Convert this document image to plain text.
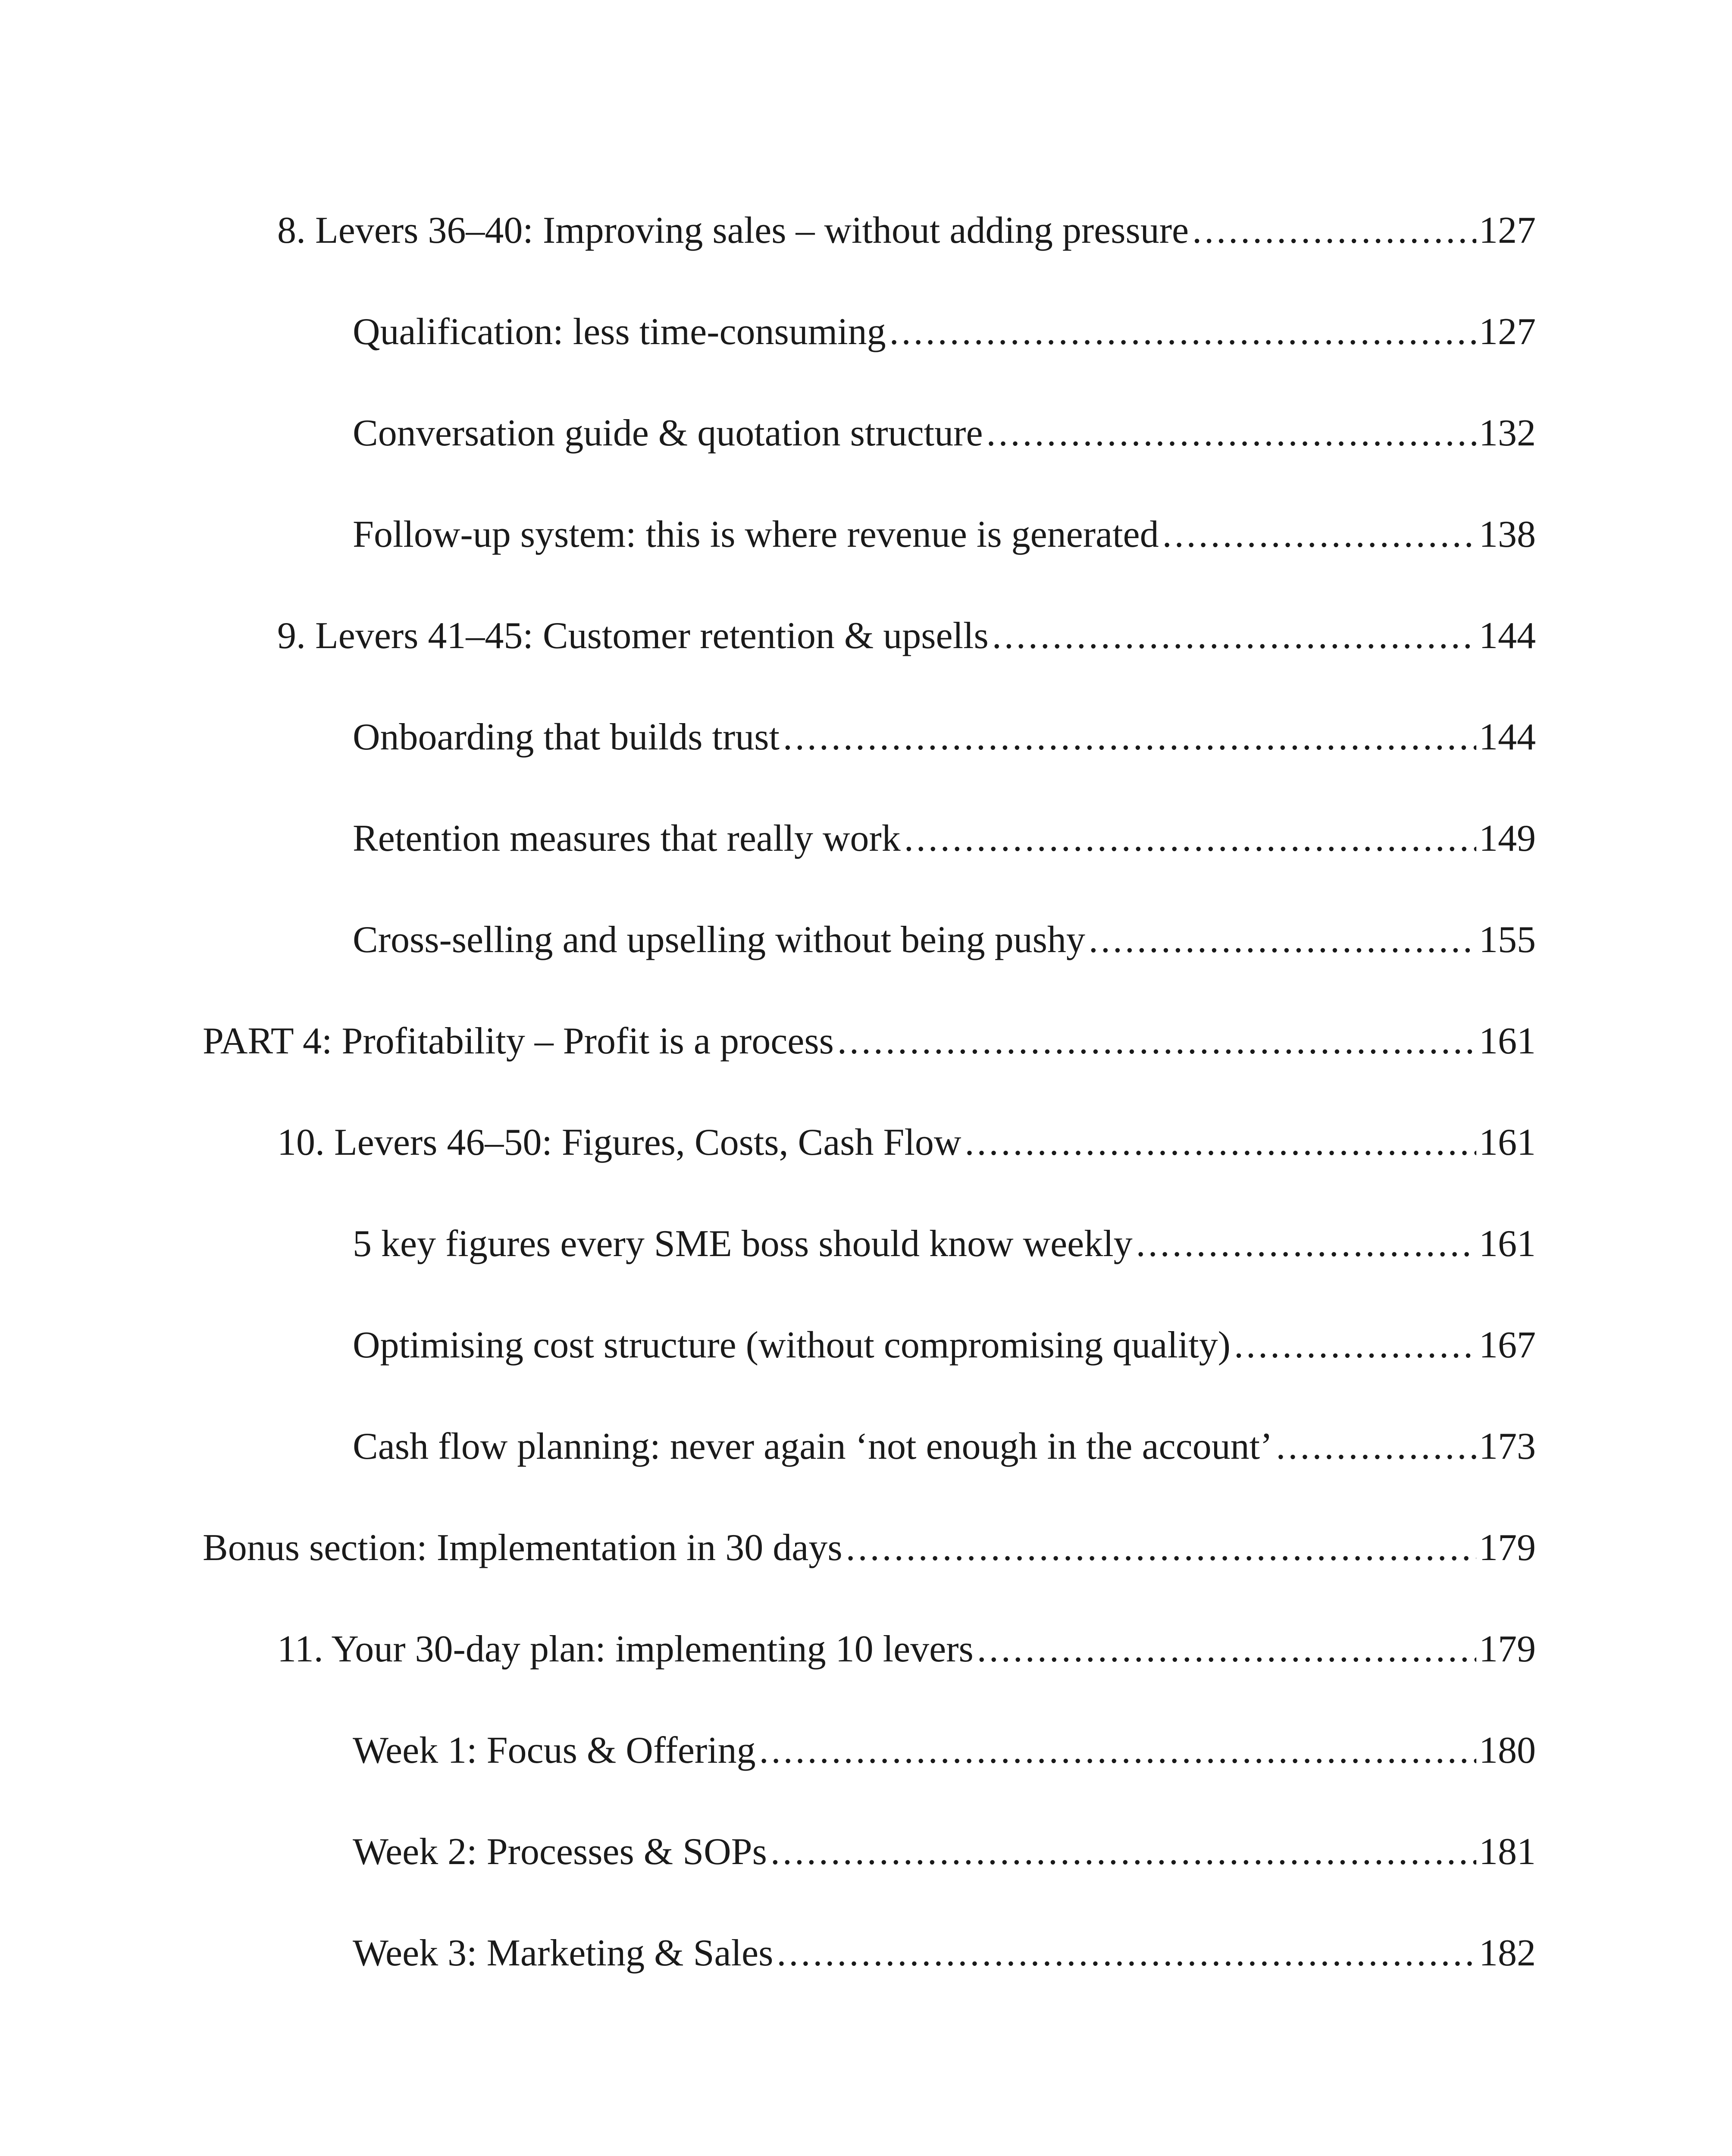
8. Levers 36–40: Improving sales – without adding pressure .....	127
Qualification: less time-consuming .....	127
Conversation guide & quotation structure .....	132
Follow-up system: this is where revenue is generated .....	138
9. Levers 41–45: Customer retention & upsells .....	144
Onboarding that builds trust .....	144
Retention measures that really work .....	149
Cross-selling and upselling without being pushy .....	155
PART 4: Profitability – Profit is a process .....	161
10. Levers 46–50: Figures, Costs, Cash Flow .....	161
5 key figures every SME boss should know weekly .....	161
Optimising cost structure (without compromising quality) .....	167
Cash flow planning: never again ‘not enough in the account’ .....	173
Bonus section: Implementation in 30 days .....	179
11. Your 30-day plan: implementing 10 levers .....	179
Week 1: Focus & Offering .....	180
Week 2: Processes & SOPs .....	181
Week 3: Marketing & Sales .....	182
